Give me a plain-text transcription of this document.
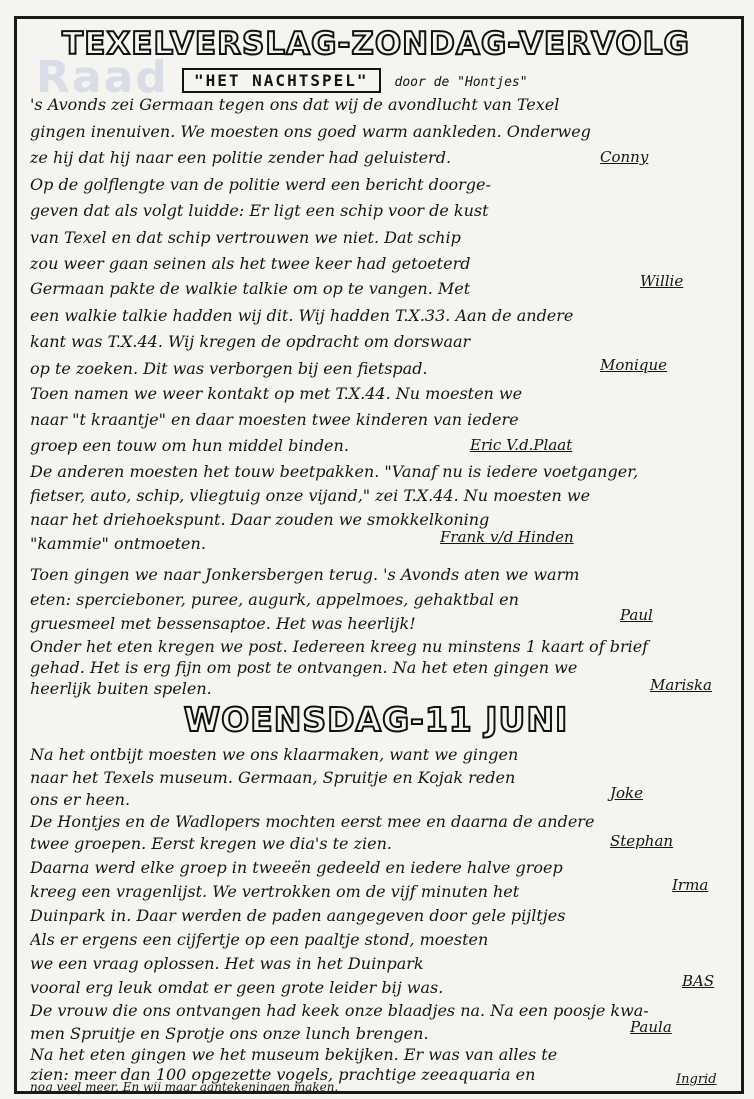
Raad
TEXELVERSLAG-ZONDAG-VERVOLG
"HET NACHTSPEL"	door de "Hontjes"
's Avonds zei Germaan tegen ons dat wij de avondlucht van Texel
gingen inenuiven. We moesten ons goed warm aankleden. Onderweg
ze hij dat hij naar een politie zender had geluisterd.	Conny
Op de golflengte van de politie werd een bericht doorge-
geven dat als volgt luidde: Er ligt een schip voor de kust
van Texel en dat schip vertrouwen we niet. Dat schip
zou weer gaan seinen als het twee keer had getoeterd
Germaan pakte de walkie talkie om op te vangen. Met	Willie
een walkie talkie hadden wij dit. Wij hadden T.X.33. Aan de andere
kant was T.X.44. Wij kregen de opdracht om dorswaar
op te zoeken. Dit was verborgen bij een fietspad.	Monique
Toen namen we weer kontakt op met T.X.44. Nu moesten we
naar "t kraantje" en daar moesten twee kinderen van iedere
groep een touw om hun middel binden.	Eric V.d.Plaat
De anderen moesten het touw beetpakken. "Vanaf nu is iedere voetganger,
fietser, auto, schip, vliegtuig onze vijand," zei T.X.44. Nu moesten we
naar het driehoekspunt. Daar zouden we smokkelkoning
"kammie" ontmoeten.	Frank v/d Hinden
Toen gingen we naar Jonkersbergen terug. 's Avonds aten we warm
eten: spercieboner, puree, augurk, appelmoes, gehaktbal en
gruesmeel met bessensaptoe. Het was heerlijk!	Paul
Onder het eten kregen we post. Iedereen kreeg nu minstens 1 kaart of brief
gehad. Het is erg fijn om post te ontvangen. Na het eten gingen we
heerlijk buiten spelen.	Mariska
WOENSDAG-11 JUNI
Na het ontbijt moesten we ons klaarmaken, want we gingen
naar het Texels museum. Germaan, Spruitje en Kojak reden
ons er heen.	Joke
De Hontjes en de Wadlopers mochten eerst mee en daarna de andere
twee groepen. Eerst kregen we dia's te zien.	Stephan
Daarna werd elke groep in tweeën gedeeld en iedere halve groep
kreeg een vragenlijst. We vertrokken om de vijf minuten het	Irma
Duinpark in. Daar werden de paden aangegeven door gele pijltjes
Als er ergens een cijfertje op een paaltje stond, moesten
we een vraag oplossen. Het was in het Duinpark
vooral erg leuk omdat er geen grote leider bij was.	BAS
De vrouw die ons ontvangen had keek onze blaadjes na. Na een poosje kwa-
men Spruitje en Sprotje ons onze lunch brengen.	Paula
Na het eten gingen we het museum bekijken. Er was van alles te
zien: meer dan 100 opgezette vogels, prachtige zeeaquaria en
nog veel meer. En wij maar aantekeningen maken.	Ingrid
